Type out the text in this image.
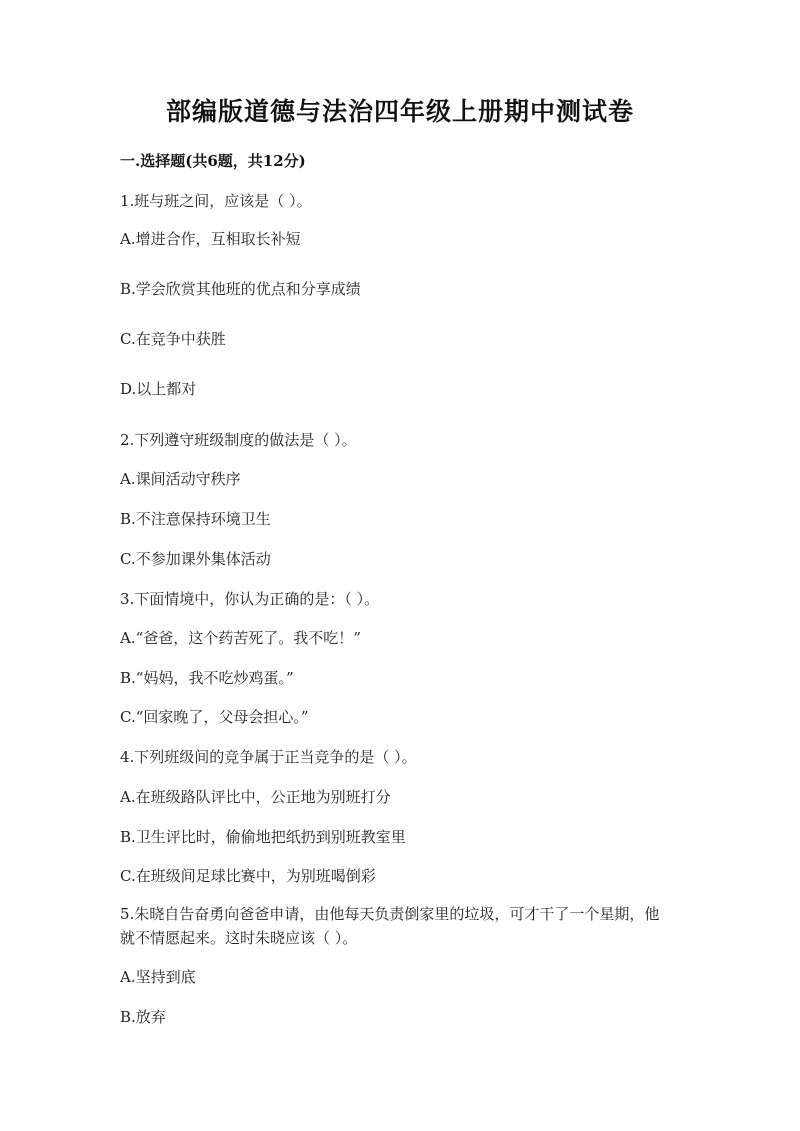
部编版道德与法治四年级上册期中测试卷
一.选择题(共6题，共12分)
1.班与班之间，应该是（ ）。
A.增进合作，互相取长补短
B.学会欣赏其他班的优点和分享成绩
C.在竞争中获胜
D.以上都对
2.下列遵守班级制度的做法是（ ）。
A.课间活动守秩序
B.不注意保持环境卫生
C.不参加课外集体活动
3.下面情境中，你认为正确的是：（ ）。
A.“爸爸，这个药苦死了。我不吃！”
B.“妈妈，我不吃炒鸡蛋。”
C.“回家晚了，父母会担心。”
4.下列班级间的竞争属于正当竞争的是（ ）。
A.在班级路队评比中，公正地为别班打分
B.卫生评比时，偷偷地把纸扔到别班教室里
C.在班级间足球比赛中，为别班喝倒彩
5.朱晓自告奋勇向爸爸申请，由他每天负责倒家里的垃圾，可才干了一个星期，他就不情愿起来。这时朱晓应该（ ）。
A.坚持到底
B.放弃
